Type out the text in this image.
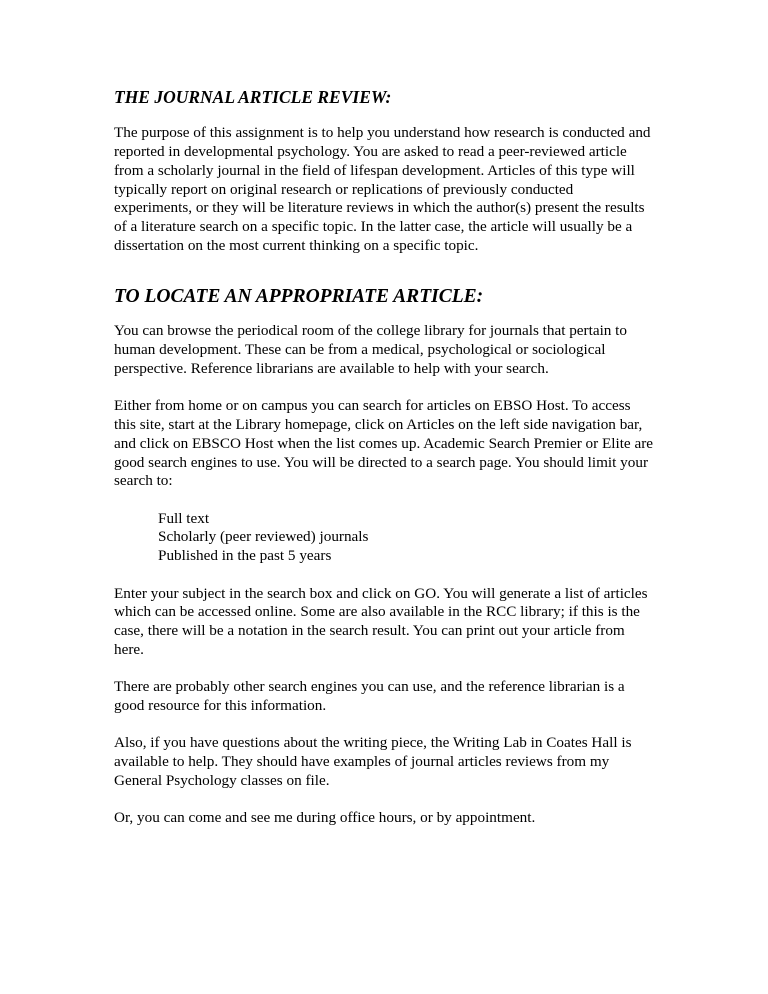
THE JOURNAL ARTICLE REVIEW:

The purpose of this assignment is to help you understand how research is conducted and reported in developmental psychology. You are asked to read a peer-reviewed article from a scholarly journal in the field of lifespan development. Articles of this type will typically report on original research or replications of previously conducted experiments, or they will be literature reviews in which the author(s) present the results of a literature search on a specific topic. In the latter case, the article will usually be a dissertation on the most current thinking on a specific topic.

TO LOCATE AN APPROPRIATE ARTICLE:

You can browse the periodical room of the college library for journals that pertain to human development. These can be from a medical, psychological or sociological perspective. Reference librarians are available to help with your search.

Either from home or on campus you can search for articles on EBSO Host. To access this site, start at the Library homepage, click on Articles on the left side navigation bar, and click on EBSCO Host when the list comes up. Academic Search Premier or Elite are good search engines to use. You will be directed to a search page. You should limit your search to:

Full text
Scholarly (peer reviewed) journals
Published in the past 5 years

Enter your subject in the search box and click on GO. You will generate a list of articles which can be accessed online. Some are also available in the RCC library; if this is the case, there will be a notation in the search result. You can print out your article from here.

There are probably other search engines you can use, and the reference librarian is a good resource for this information.

Also, if you have questions about the writing piece, the Writing Lab in Coates Hall is available to help. They should have examples of journal articles reviews from my General Psychology classes on file.

Or, you can come and see me during office hours, or by appointment.
